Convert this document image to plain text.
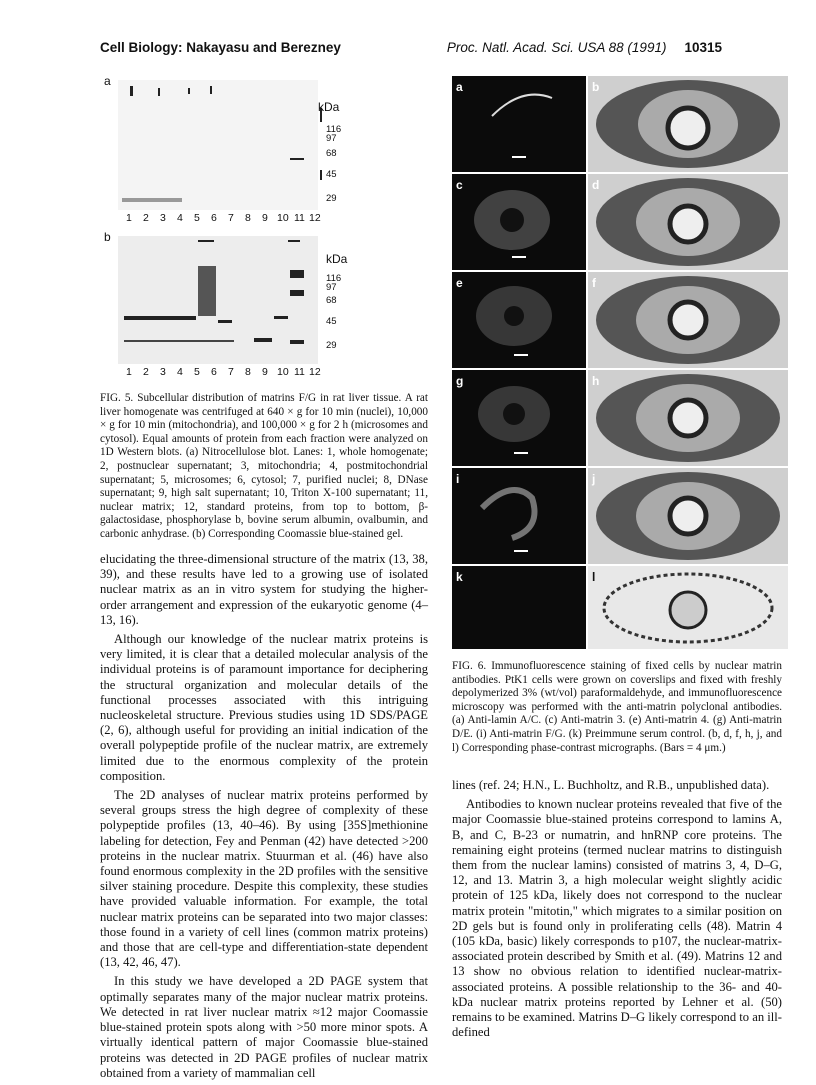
Cell Biology: Nakayasu and Berezney	Proc. Natl. Acad. Sci. USA 88 (1991) 10315
a
kDa
116
97
68
45
29
1 2 3 4 5 6 7 8 9 10 11 12
b
kDa
116
97
68
45
29
1 2 3 4 5 6 7 8 9 10 11 12
FIG. 5. Subcellular distribution of matrins F/G in rat liver tissue. A rat liver homogenate was centrifuged at 640 × g for 10 min (nuclei), 10,000 × g for 10 min (mitochondria), and 100,000 × g for 2 h (microsomes and cytosol). Equal amounts of protein from each fraction were analyzed on 1D Western blots. (a) Nitrocellulose blot. Lanes: 1, whole homogenate; 2, postnuclear supernatant; 3, mitochondria; 4, postmitochondrial supernatant; 5, microsomes; 6, cytosol; 7, purified nuclei; 8, DNase supernatant; 9, high salt supernatant; 10, Triton X-100 supernatant; 11, nuclear matrix; 12, standard proteins, from top to bottom, β-galactosidase, phosphorylase b, bovine serum albumin, ovalbumin, and carbonic anhydrase. (b) Corresponding Coomassie blue-stained gel.

elucidating the three-dimensional structure of the matrix (13, 38, 39), and these results have led to a growing use of isolated nuclear matrix as an in vitro system for studying the higher-order arrangement and expression of the eukaryotic genome (4–13, 16).

Although our knowledge of the nuclear matrix proteins is very limited, it is clear that a detailed molecular analysis of the individual proteins is of paramount importance for deciphering the structural organization and molecular details of the functional processes associated with this intriguing nucleoskeletal structure. Previous studies using 1D SDS/PAGE (2, 6), although useful for providing an initial indication of the overall polypeptide profile of the nuclear matrix, are extremely limited due to the enormous complexity of the protein composition.

The 2D analyses of nuclear matrix proteins performed by several groups stress the high degree of complexity of these polypeptide profiles (13, 40–46). By using [35S]methionine labeling for detection, Fey and Penman (42) have detected >200 proteins in the nuclear matrix. Stuurman et al. (46) have also found enormous complexity in the 2D profiles with the sensitive silver staining procedure. Despite this complexity, these studies have provided valuable information. For example, the total nuclear matrix proteins can be separated into two major classes: those found in a variety of cell lines (common matrix proteins) and those that are cell-type and differentiation-state dependent (13, 42, 46, 47).

In this study we have developed a 2D PAGE system that optimally separates many of the major nuclear matrix proteins. We detected in rat liver nuclear matrix ≈12 major Coomassie blue-stained protein spots along with >50 more minor spots. A virtually identical pattern of major Coomassie blue-stained proteins was detected in 2D PAGE profiles of nuclear matrix obtained from a variety of mammalian cell

a
c
e
g
i
k
b
d
f
h
j
l
FIG. 6. Immunofluorescence staining of fixed cells by nuclear matrin antibodies. PtK1 cells were grown on coverslips and fixed with freshly depolymerized 3% (wt/vol) paraformaldehyde, and immunofluorescence microscopy was performed with the anti-matrin polyclonal antibodies. (a) Anti-lamin A/C. (c) Anti-matrin 3. (e) Anti-matrin 4. (g) Anti-matrin D/E. (i) Anti-matrin F/G. (k) Preimmune serum control. (b, d, f, h, j, and l) Corresponding phase-contrast micrographs. (Bars = 4 μm.)

lines (ref. 24; H.N., L. Buchholtz, and R.B., unpublished data).

Antibodies to known nuclear proteins revealed that five of the major Coomassie blue-stained proteins correspond to lamins A, B, and C, B-23 or numatrin, and hnRNP core proteins. The remaining eight proteins (termed nuclear matrins to distinguish them from the nuclear lamins) consisted of matrins 3, 4, D–G, 12, and 13. Matrin 3, a high molecular weight slightly acidic protein of 125 kDa, likely does not correspond to the nuclear matrix protein "mitotin," which migrates to a similar position on 2D gels but is found only in proliferating cells (48). Matrin 4 (105 kDa, basic) likely corresponds to p107, the nuclear-matrix-associated protein described by Smith et al. (49). Matrins 12 and 13 show no obvious relation to identified nuclear-matrix-associated proteins. A possible relationship to the 36- and 40-kDa nuclear matrix proteins reported by Lehner et al. (50) remains to be examined. Matrins D–G likely correspond to an ill-defined
